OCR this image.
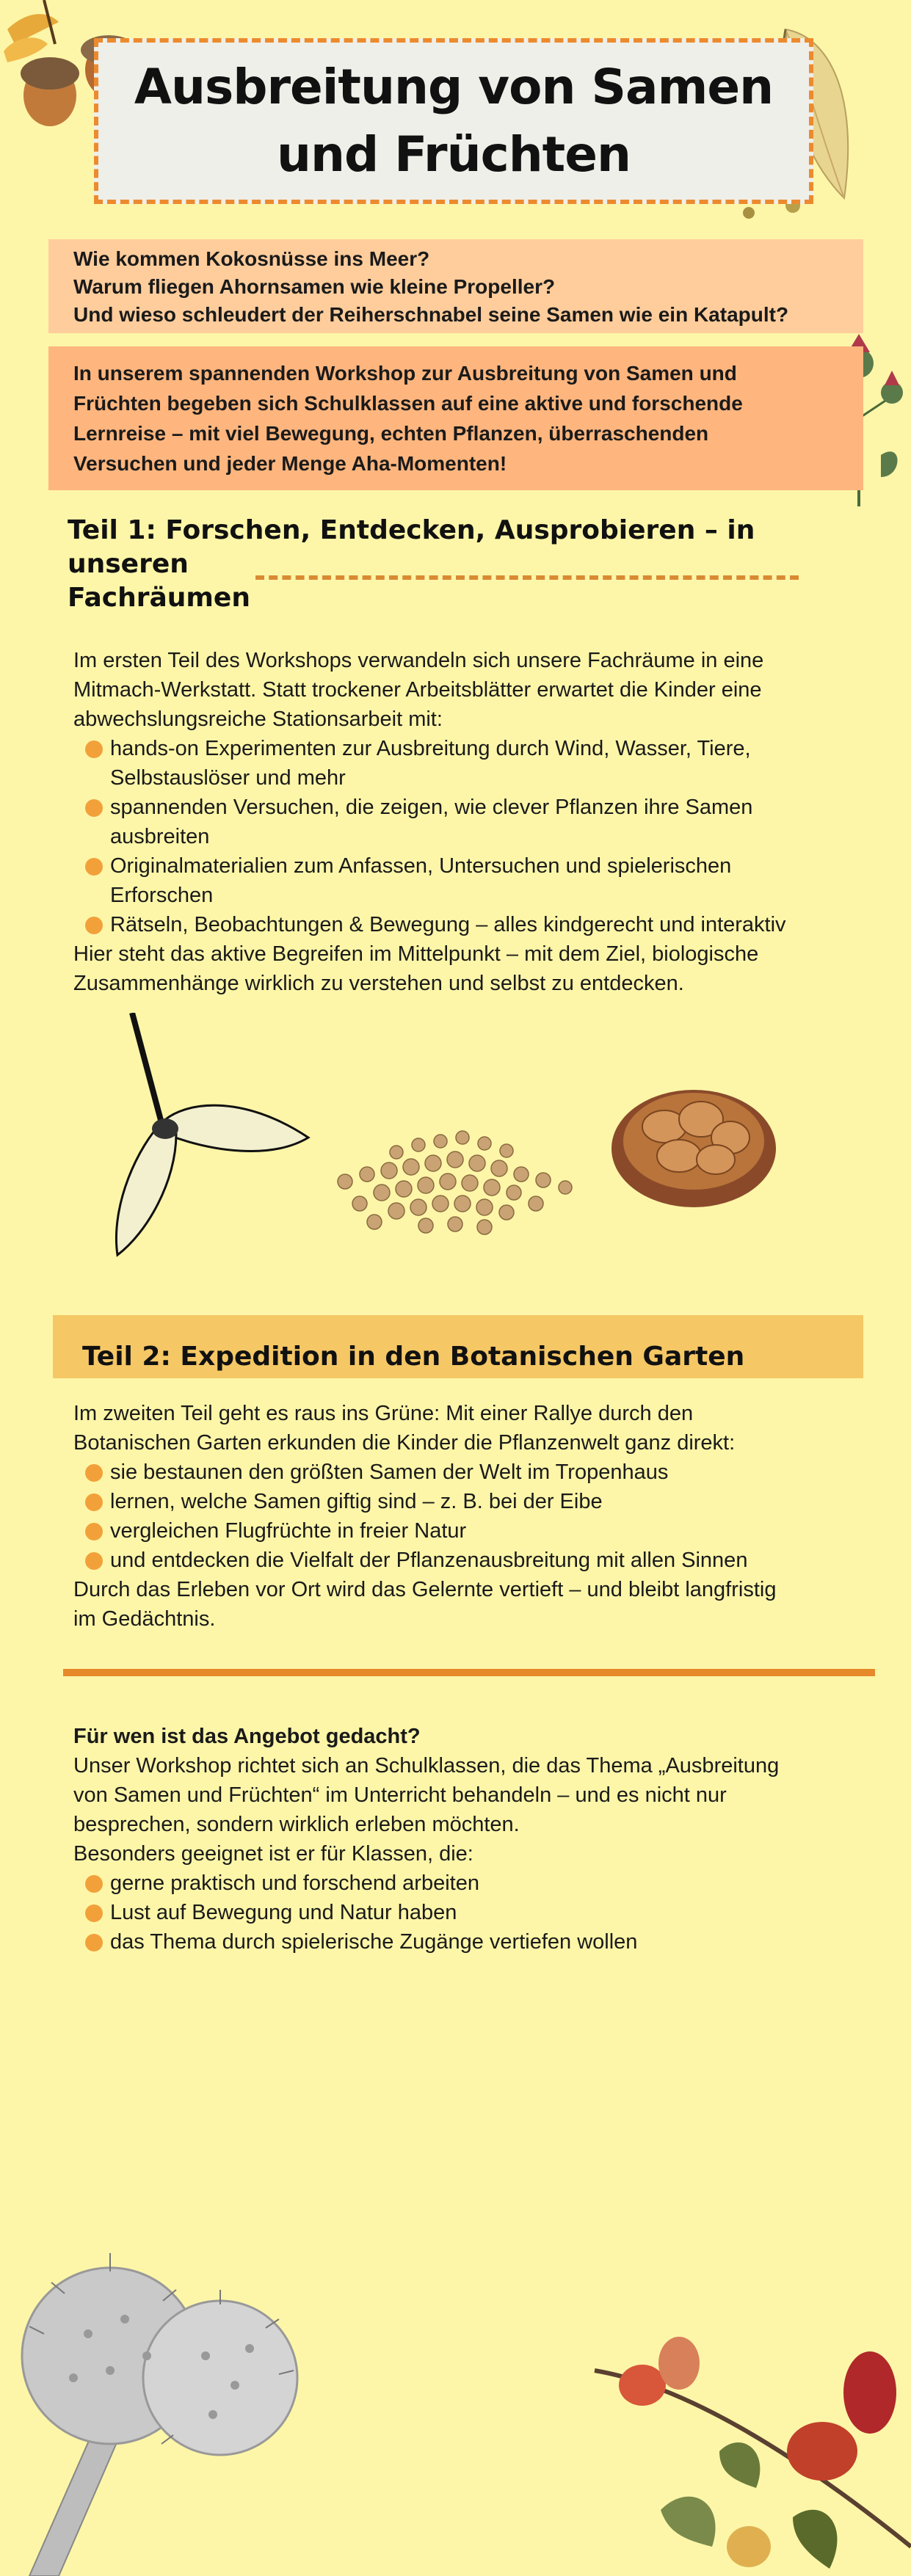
Ausbreitung von Samen
und Früchten
Wie kommen Kokosnüsse ins Meer?
Warum fliegen Ahornsamen wie kleine Propeller?
Und wieso schleudert der Reiherschnabel seine Samen wie ein Katapult?
In unserem spannenden Workshop zur Ausbreitung von Samen und
Früchten begeben sich Schulklassen auf eine aktive und forschende
Lernreise – mit viel Bewegung, echten Pflanzen, überraschenden
Versuchen und jeder Menge Aha-Momenten!
Teil 1: Forschen, Entdecken, Ausprobieren – in unseren
Fachräumen
Im ersten Teil des Workshops verwandeln sich unsere Fachräume in eine
Mitmach-Werkstatt. Statt trockener Arbeitsblätter erwartet die Kinder eine
abwechslungsreiche Stationsarbeit mit:
hands-on Experimenten zur Ausbreitung durch Wind, Wasser, Tiere,
Selbstauslöser und mehr
spannenden Versuchen, die zeigen, wie clever Pflanzen ihre Samen
ausbreiten
Originalmaterialien zum Anfassen, Untersuchen und spielerischen
Erforschen
Rätseln, Beobachtungen & Bewegung – alles kindgerecht und interaktiv
Hier steht das aktive Begreifen im Mittelpunkt – mit dem Ziel, biologische
Zusammenhänge wirklich zu verstehen und selbst zu entdecken.
Teil 2: Expedition in den Botanischen Garten
Im zweiten Teil geht es raus ins Grüne: Mit einer Rallye durch den
Botanischen Garten erkunden die Kinder die Pflanzenwelt ganz direkt:
sie bestaunen den größten Samen der Welt im Tropenhaus
lernen, welche Samen giftig sind – z. B. bei der Eibe
vergleichen Flugfrüchte in freier Natur
und entdecken die Vielfalt der Pflanzenausbreitung mit allen Sinnen
Durch das Erleben vor Ort wird das Gelernte vertieft – und bleibt langfristig
im Gedächtnis.
Für wen ist das Angebot gedacht?
Unser Workshop richtet sich an Schulklassen, die das Thema „Ausbreitung
von Samen und Früchten“ im Unterricht behandeln – und es nicht nur
besprechen, sondern wirklich erleben möchten.
Besonders geeignet ist er für Klassen, die:
gerne praktisch und forschend arbeiten
Lust auf Bewegung und Natur haben
das Thema durch spielerische Zugänge vertiefen wollen
